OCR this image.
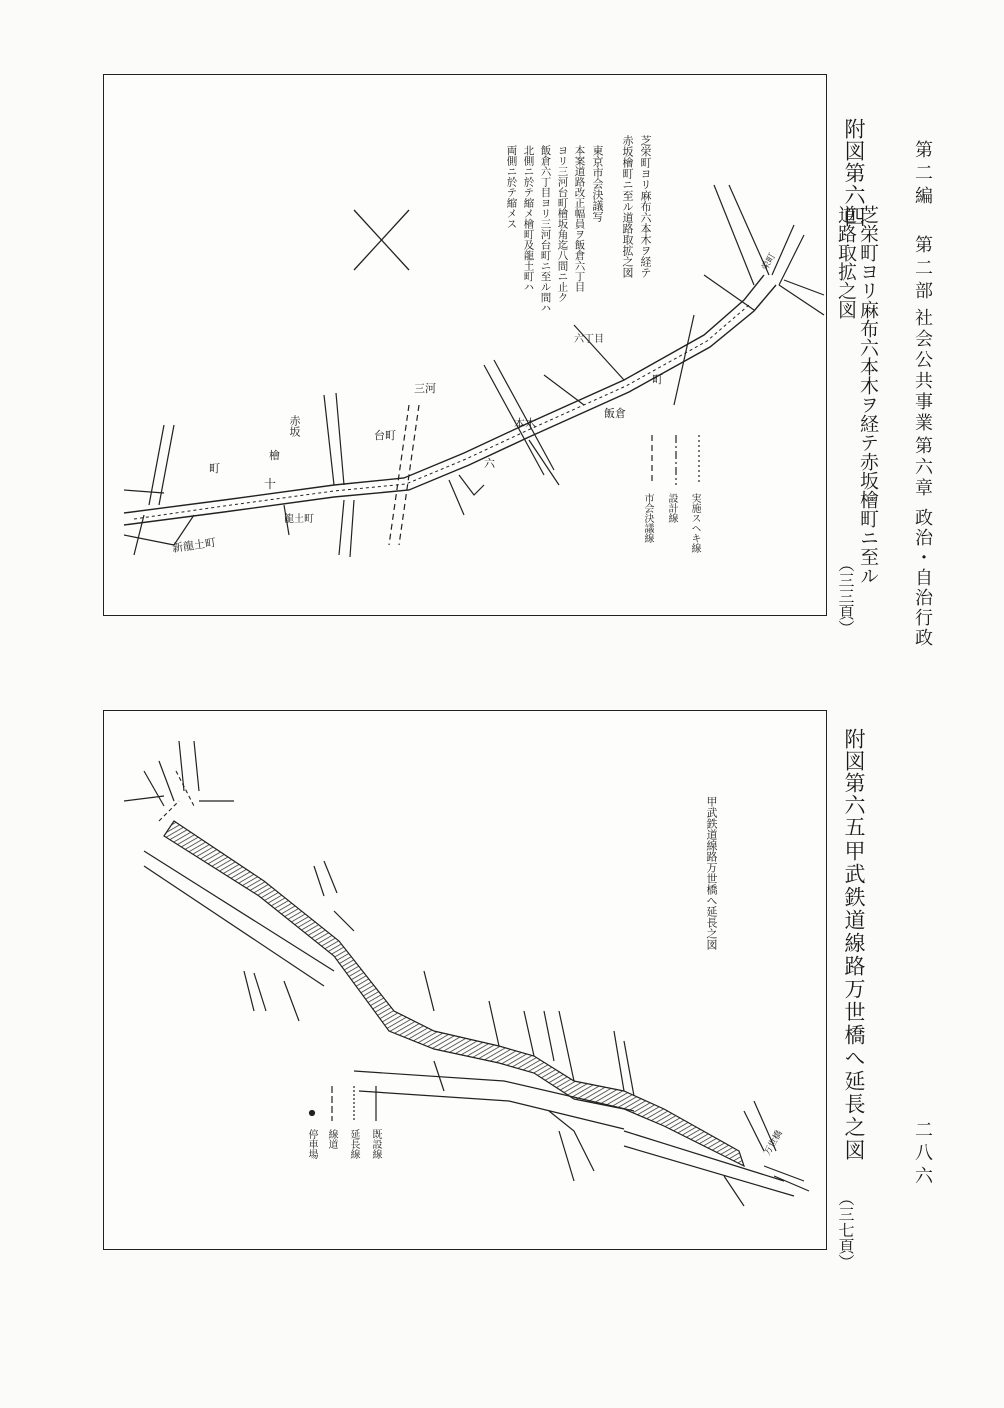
第二編
第二部
社会公共事業
第六章
政治・自治行政
二八六
附図第六四
芝栄町ヨリ麻布六本木ヲ経テ赤坂檜町ニ至ル
道路取拡之図
（三三頁）
実施スヘキ線
設計線
市会決議線
芝栄町ヨリ麻布六本木ヲ経テ
赤坂檜町ニ至ル道路取拡之図
東京市会決議写
本案道路改正幅員ヲ飯倉六丁目
ヨリ三河台町檜坂角迄八間ニ止ク
飯倉六丁目ヨリ三河台町ニ至ル間ハ
北側ニ於テ縮メ檜町及龍土町ハ
両側ニ於テ縮メス
飯倉
六丁目
町
三河
台町
赤坂
檜
町
龍土町
新龍土町
十
六
本木
栄町
附図第六五
甲武鉄道線路万世橋へ延長之図
（三七頁）
甲武鉄道線路万世橋へ延長之図
既設線
延長線
線道
停車場	万世橋
